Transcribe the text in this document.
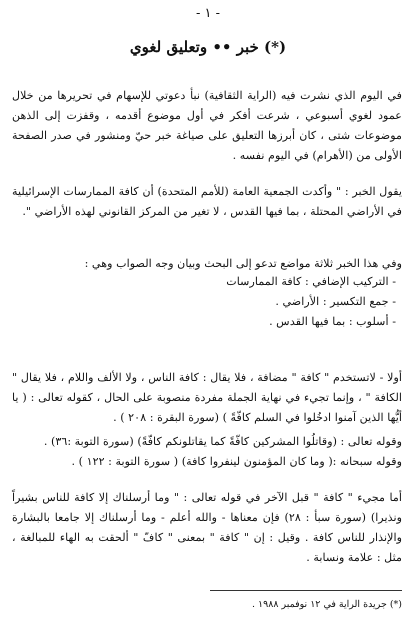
- ١ -
خبر •• وتعليق لغوي (*)

في اليوم الذي نشرت فيه (الراية الثقافية) نبأ دعوتي للإسهام في تحريرها من خلال عمود لغوي أسبوعي ، شرعت أفكر في أول موضوع أقدمه ، وقفزت إلى الذهن موضوعات شتى ، كان أبرزها التعليق على صياغة خبر حيّ ومنشور في صدر الصفحة الأولى من (الأهرام) في اليوم نفسه .

يقول الخبر : " وأكدت الجمعية العامة (للأمم المتحدة) أن كافة الممارسات الإسرائيلية في الأراضي المحتلة ، بما فيها القدس ، لا تغير من المركز القانوني لهذه الأراضي ".

وفي هذا الخبر ثلاثة مواضع تدعو إلى البحث وبيان وجه الصواب وهي :

- التركيب الإضافي : كافة الممارسات
- جمع التكسير : الأراضي .
- أسلوب : بما فيها القدس .

أولا - لاتستخدم " كافة " مضافة ، فلا يقال : كافة الناس ، ولا الألف واللام ، فلا يقال " الكافة " ، وإنما تجيء في نهاية الجملة مفردة منصوبة على الحال ، كقوله تعالى : ( يا أيُّها الذين آمنوا ادخُلوا في السلم كافّةً ) (سورة البقرة : ٢٠٨ ) .

وقوله تعالى : (وقاتلُوا المشركين كافّةً كما يقاتلونكم كافّةً) (سورة التوبة :٣٦) .

وقوله سبحانه :( وما كان المؤمنون لينفروا كافة) ( سورة التوبة : ١٢٢ ) .

أما مجيء " كافة " قبل الآخر في قوله تعالى : " وما أرسلناك إلا كافة للناس بشيراً ونذيرا) (سورة سبأ : ٢٨) فإن معناها - والله أعلم - وما أرسلناك إلا جامعا بالبشارة والإنذار للناس كافة . وقيل : إن " كافة " بمعنى " كافّ " ألحقت به الهاء للمبالغة ، مثل : علامة ونسابة .

(*) جريدة الراية في ١٢ نوفمبر ١٩٨٨ .
